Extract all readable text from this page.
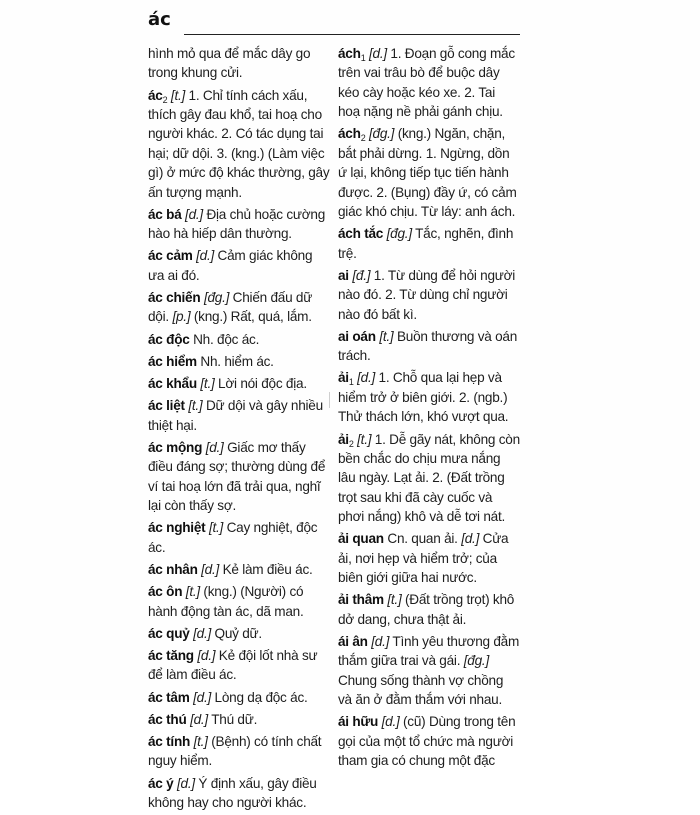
ác

hình mỏ qua để mắc dây go trong khung cửi.

$ác_2$ [t.] 1. Chỉ tính cách xấu, thích gây đau khổ, tai hoạ cho người khác. 2. Có tác dụng tai hại; dữ dội. 3. (kng.) (Làm việc gì) ở mức độ khác thường, gây ấn tượng mạnh.

ác bá [d.] Địa chủ hoặc cường hào hà hiếp dân thường.

ác cảm [d.] Cảm giác không ưa ai đó.

ác chiến [đg.] Chiến đấu dữ dội. [p.] (kng.) Rất, quá, lắm.

ác độc Nh. độc ác.

ác hiểm Nh. hiểm ác.

ác khẩu [t.] Lời nói độc địa.

ác liệt [t.] Dữ dội và gây nhiều thiệt hại.

ác mộng [d.] Giấc mơ thấy điều đáng sợ; thường dùng để ví tai hoạ lớn đã trải qua, nghĩ lại còn thấy sợ.

ác nghiệt [t.] Cay nghiệt, độc ác.

ác nhân [d.] Kẻ làm điều ác.

ác ôn [t.] (kng.) (Người) có hành động tàn ác, dã man.

ác quỷ [d.] Quỷ dữ.

ác tăng [d.] Kẻ đội lốt nhà sư để làm điều ác.

ác tâm [d.] Lòng dạ độc ác.

ác thú [d.] Thú dữ.

ác tính [t.] (Bệnh) có tính chất nguy hiểm.

ác ý [d.] Ý định xấu, gây điều không hay cho người khác.

ách$_1$ [d.] 1. Đoạn gỗ cong mắc trên vai trâu bò để buộc dây kéo cày hoặc kéo xe. 2. Tai hoạ nặng nề phải gánh chịu.

ách$_2$ [đg.] (kng.) Ngăn, chặn, bắt phải dừng. 1. Ngừng, dồn ứ lại, không tiếp tục tiến hành được. 2. (Bụng) đầy ứ, có cảm giác khó chịu. Từ láy: anh ách.

ách tắc [đg.] Tắc, nghẽn, đình trệ.

ai [đ.] 1. Từ dùng để hỏi người nào đó. 2. Từ dùng chỉ người nào đó bất kì.

ai oán [t.] Buồn thương và oán trách.

ải$_1$ [d.] 1. Chỗ qua lại hẹp và hiểm trở ở biên giới. 2. (ngb.) Thử thách lớn, khó vượt qua.

ải$_2$ [t.] 1. Dễ gãy nát, không còn bền chắc do chịu mưa nắng lâu ngày. Lạt ải. 2. (Đất trồng trọt sau khi đã cày cuốc và phơi nắng) khô và dễ tơi nát.

ải quan Cn. quan ải. [d.] Cửa ải, nơi hẹp và hiểm trở; của biên giới giữa hai nước.

ải thâm [t.] (Đất trồng trọt) khô dở dang, chưa thật ải.

ái ân [d.] Tình yêu thương đằm thắm giữa trai và gái. [đg.] Chung sống thành vợ chồng và ăn ở đằm thắm với nhau.

ái hữu [d.] (cũ) Dùng trong tên gọi của một tổ chức mà người tham gia có chung một đặc
